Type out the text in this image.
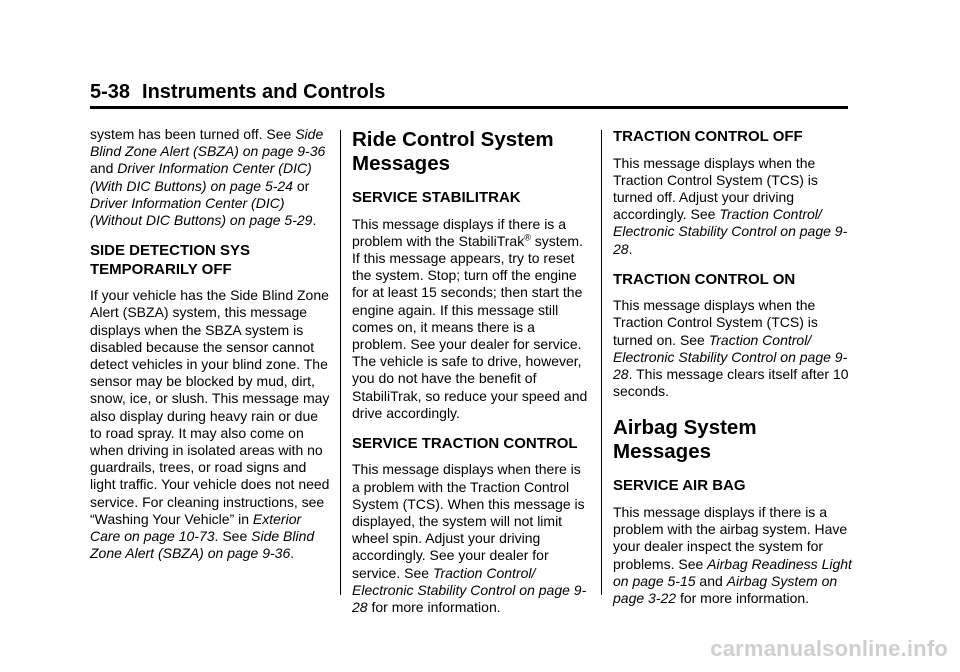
5-38 Instruments and Controls

system has been turned off. See Side Blind Zone Alert (SBZA) on page 9-36 and Driver Information Center (DIC) (With DIC Buttons) on page 5-24 or Driver Information Center (DIC) (Without DIC Buttons) on page 5-29.

SIDE DETECTION SYS TEMPORARILY OFF

If your vehicle has the Side Blind Zone Alert (SBZA) system, this message displays when the SBZA system is disabled because the sensor cannot detect vehicles in your blind zone. The sensor may be blocked by mud, dirt, snow, ice, or slush. This message may also display during heavy rain or due to road spray. It may also come on when driving in isolated areas with no guardrails, trees, or road signs and light traffic. Your vehicle does not need service. For cleaning instructions, see “Washing Your Vehicle” in Exterior Care on page 10-73. See Side Blind Zone Alert (SBZA) on page 9-36.

Ride Control System Messages
SERVICE STABILITRAK

This message displays if there is a problem with the StabiliTrak® system. If this message appears, try to reset the system. Stop; turn off the engine for at least 15 seconds; then start the engine again. If this message still comes on, it means there is a problem. See your dealer for service. The vehicle is safe to drive, however, you do not have the benefit of StabiliTrak, so reduce your speed and drive accordingly.

SERVICE TRACTION CONTROL

This message displays when there is a problem with the Traction Control System (TCS). When this message is displayed, the system will not limit wheel spin. Adjust your driving accordingly. See your dealer for service. See Traction Control/ Electronic Stability Control on page 9-28 for more information.

TRACTION CONTROL OFF

This message displays when the Traction Control System (TCS) is turned off. Adjust your driving accordingly. See Traction Control/ Electronic Stability Control on page 9-28.

TRACTION CONTROL ON

This message displays when the Traction Control System (TCS) is turned on. See Traction Control/ Electronic Stability Control on page 9-28. This message clears itself after 10 seconds.

Airbag System Messages
SERVICE AIR BAG

This message displays if there is a problem with the airbag system. Have your dealer inspect the system for problems. See Airbag Readiness Light on page 5-15 and Airbag System on page 3-22 for more information.

carmanualsonline.info
